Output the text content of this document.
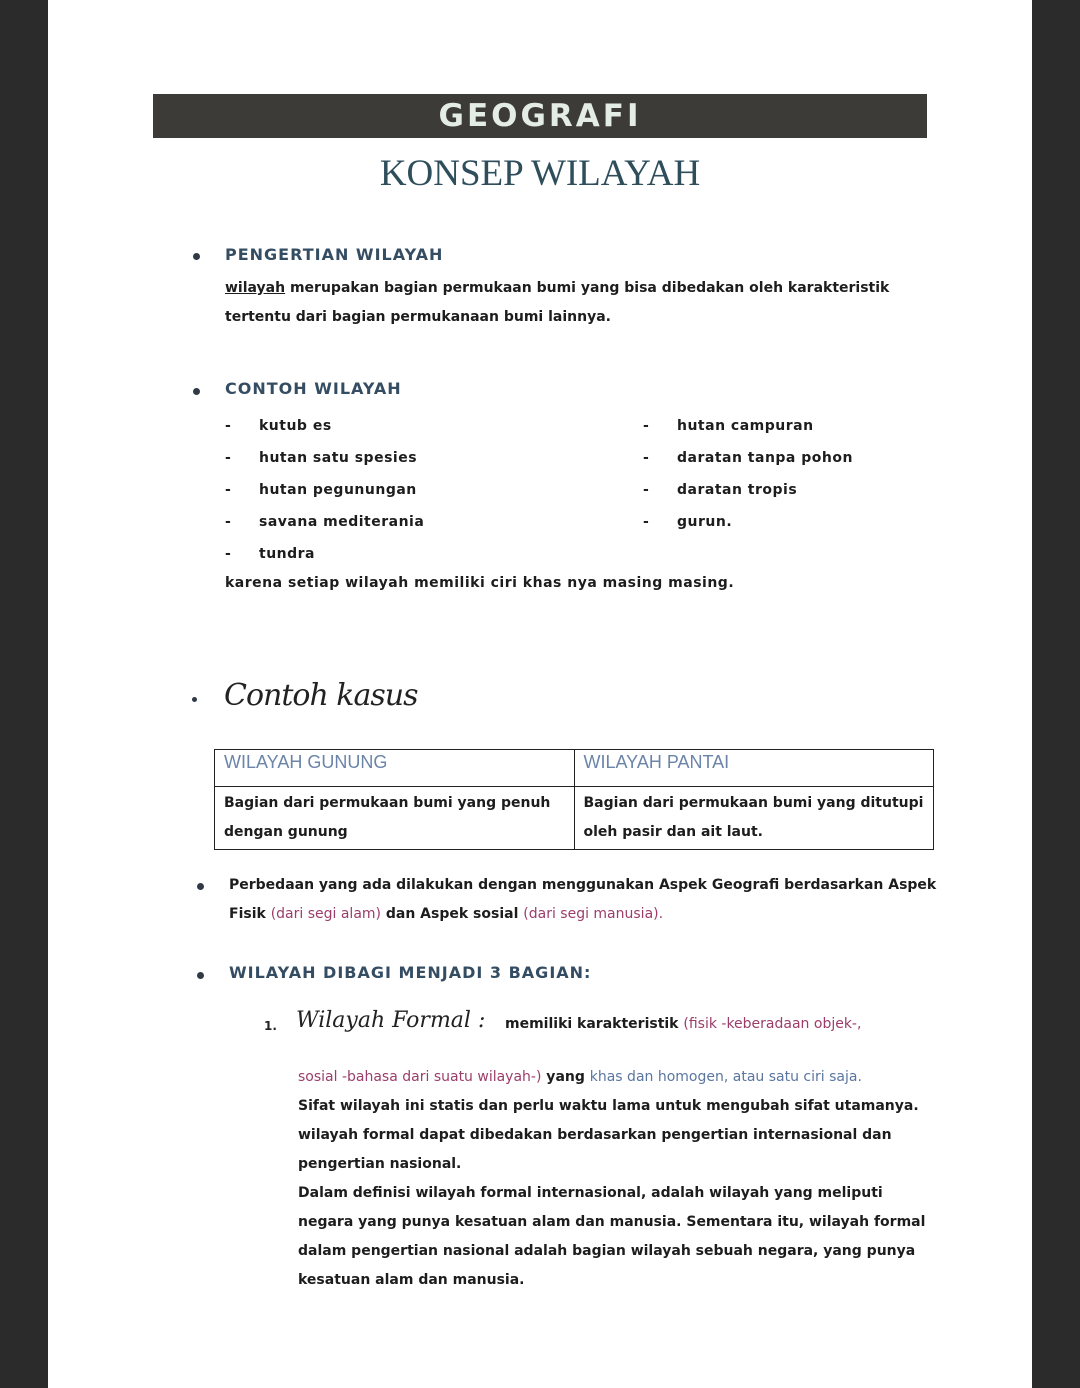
GEOGRAFI
KONSEP WILAYAH
PENGERTIAN WILAYAH
wilayah merupakan bagian permukaan bumi yang bisa dibedakan oleh karakteristik
tertentu dari bagian permukanaan bumi lainnya.
CONTOH WILAYAH
- kutub es
- hutan satu spesies
- hutan pegunungan
- savana mediterania
- tundra
- hutan campuran
- daratan tanpa pohon
- daratan tropis
- gurun.
karena setiap wilayah memiliki ciri khas nya masing masing.
Contoh kasus
WILAYAH GUNUNG	WILAYAH PANTAI
Bagian dari permukaan bumi yang penuh dengan gunung	Bagian dari permukaan bumi yang ditutupi oleh pasir dan ait laut.
Perbedaan yang ada dilakukan dengan menggunakan Aspek Geografi berdasarkan Aspek
Fisik (dari segi alam) dan Aspek sosial (dari segi manusia).
WILAYAH DIBAGI MENJADI 3 BAGIAN:
1. Wilayah Formal : memiliki karakteristik (fisik -keberadaan objek-,
sosial -bahasa dari suatu wilayah-) yang khas dan homogen, atau satu ciri saja.
Sifat wilayah ini statis dan perlu waktu lama untuk mengubah sifat utamanya.
wilayah formal dapat dibedakan berdasarkan pengertian internasional dan
pengertian nasional.
Dalam definisi wilayah formal internasional, adalah wilayah yang meliputi
negara yang punya kesatuan alam dan manusia. Sementara itu, wilayah formal
dalam pengertian nasional adalah bagian wilayah sebuah negara, yang punya
kesatuan alam dan manusia.
